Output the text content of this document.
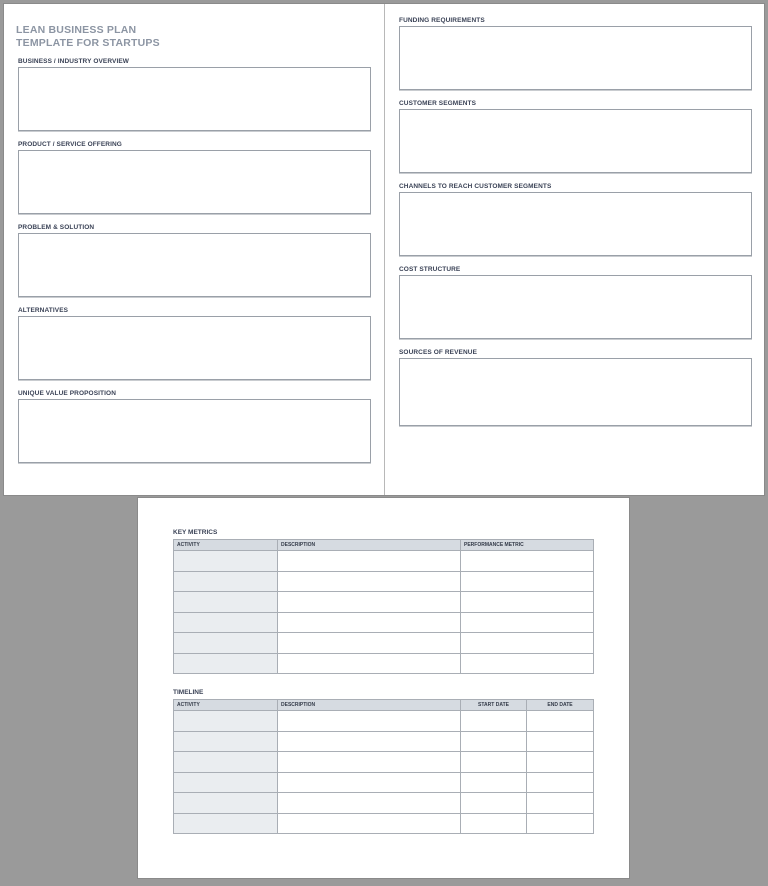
LEAN BUSINESS PLAN
TEMPLATE FOR STARTUPS
BUSINESS / INDUSTRY OVERVIEW
PRODUCT / SERVICE OFFERING
PROBLEM & SOLUTION
ALTERNATIVES
UNIQUE VALUE PROPOSITION
FUNDING REQUIREMENTS
CUSTOMER SEGMENTS
CHANNELS TO REACH CUSTOMER SEGMENTS
COST STRUCTURE
SOURCES OF REVENUE
KEY METRICS
ACTIVITY	DESCRIPTION	PERFORMANCE METRIC

TIMELINE
ACTIVITY	DESCRIPTION	START DATE	END DATE
